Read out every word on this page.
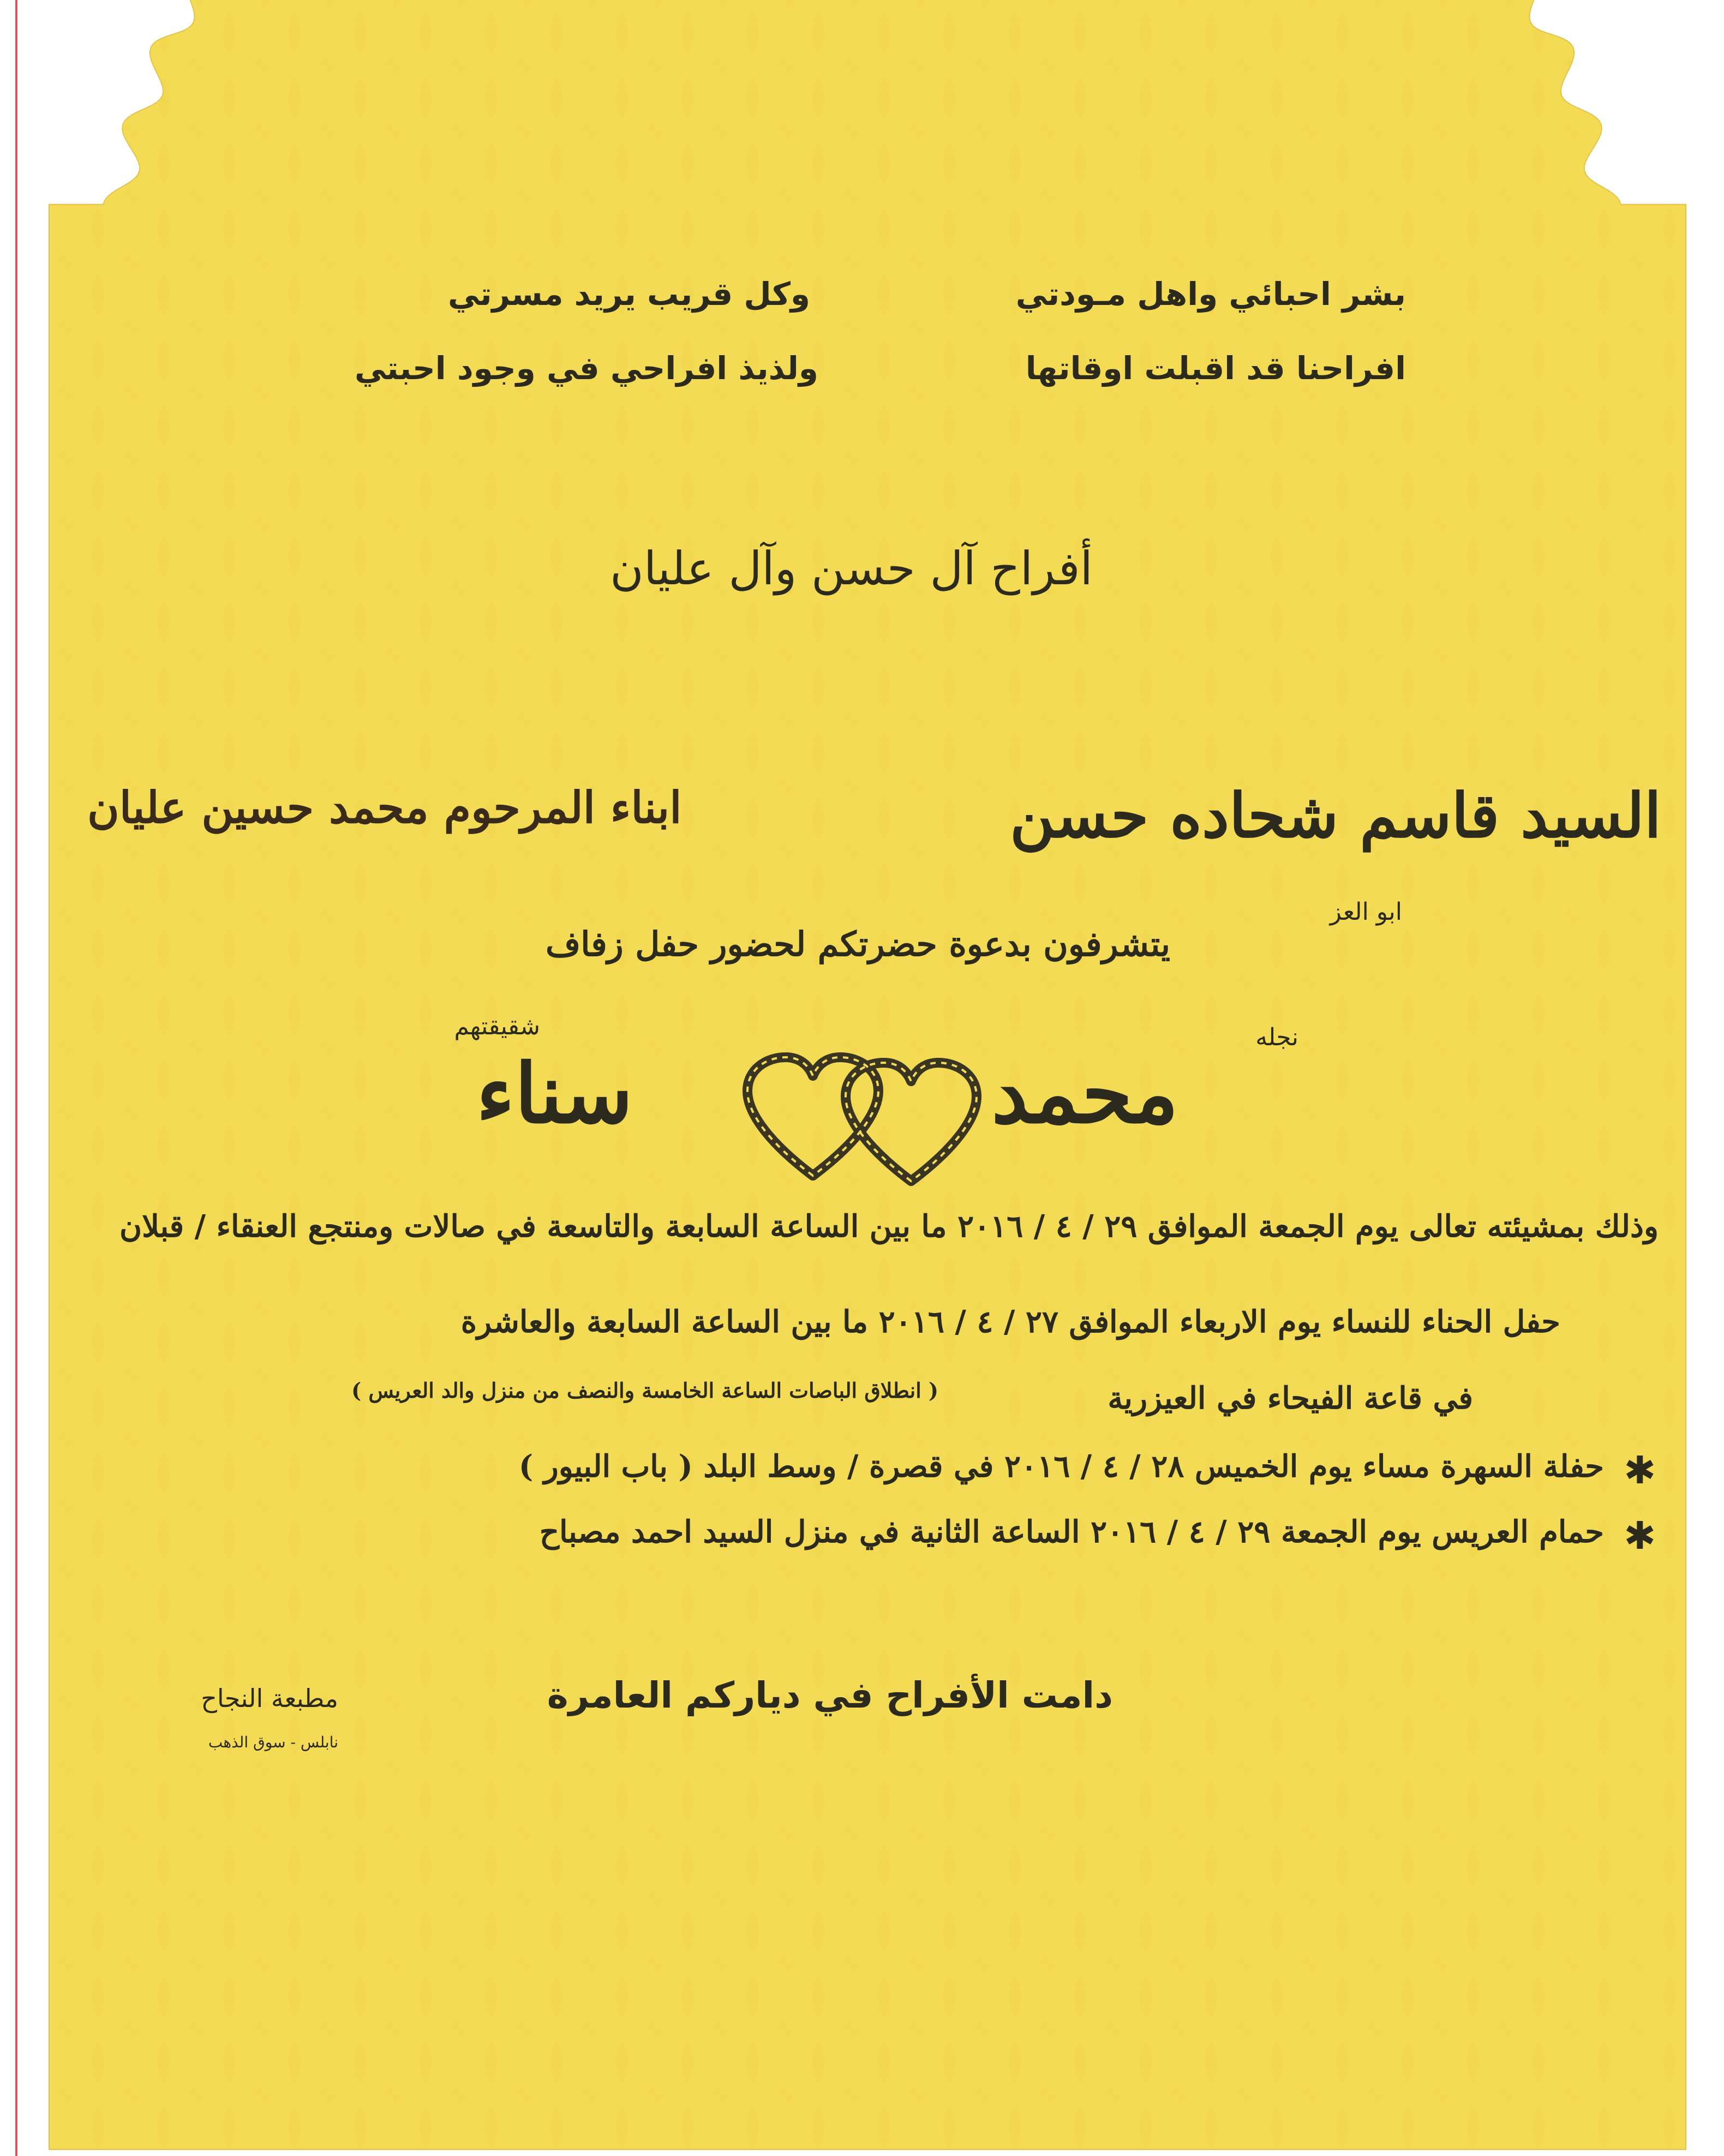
بشر احبائي واهل مـودتي
وكل قريب يريد مسرتي
افراحنا قد اقبلت اوقاتها
ولذيذ افراحي في وجود احبتي
أفراح آل حسن وآل عليان
السيد قاسم شحاده حسن
ابناء المرحوم محمد حسين عليان
ابو العز
يتشرفون بدعوة حضرتكم لحضور حفل زفاف
نجله
محمد
شقيقتهم
سناء
وذلك بمشيئته تعالى يوم الجمعة الموافق ٢٩ / ٤ / ٢٠١٦ ما بين الساعة السابعة والتاسعة في صالات ومنتجع العنقاء / قبلان
حفل الحناء للنساء يوم الاربعاء الموافق ٢٧ / ٤ / ٢٠١٦ ما بين الساعة السابعة والعاشرة
في قاعة الفيحاء في العيزرية
( انطلاق الباصات الساعة الخامسة والنصف من منزل والد العريس )
✱
حفلة السهرة مساء يوم الخميس ٢٨ / ٤ / ٢٠١٦ في قصرة / وسط البلد ( باب البيور )
✱
حمام العريس يوم الجمعة ٢٩ / ٤ / ٢٠١٦ الساعة الثانية في منزل السيد احمد مصباح
دامت الأفراح في دياركم العامرة
مطبعة النجاح
نابلس - سوق الذهب
